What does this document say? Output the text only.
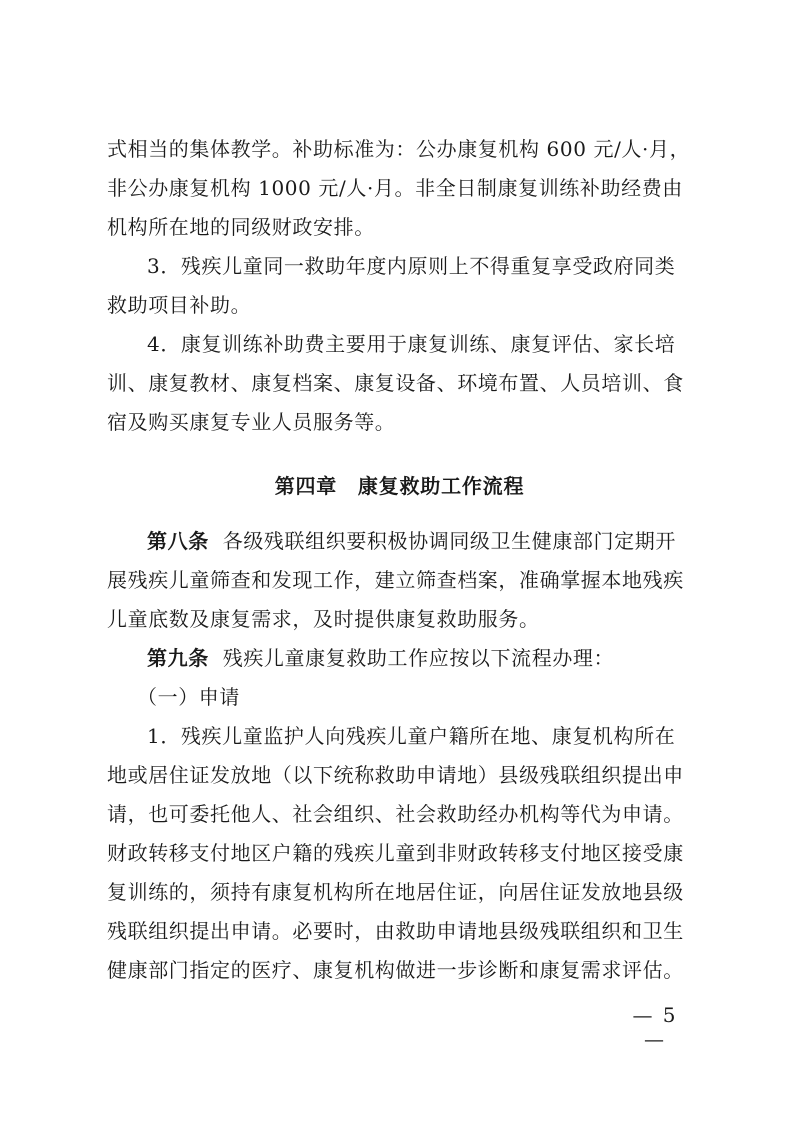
式相当的集体教学。补助标准为：公办康复机构 600 元/人·月，
非公办康复机构 1000 元/人·月。非全日制康复训练补助经费由
机构所在地的同级财政安排。
3．残疾儿童同一救助年度内原则上不得重复享受政府同类
救助项目补助。
4．康复训练补助费主要用于康复训练、康复评估、家长培
训、康复教材、康复档案、康复设备、环境布置、人员培训、食
宿及购买康复专业人员服务等。
第四章　康复救助工作流程
第八条 各级残联组织要积极协调同级卫生健康部门定期开
展残疾儿童筛查和发现工作，建立筛查档案，准确掌握本地残疾
儿童底数及康复需求，及时提供康复救助服务。
第九条 残疾儿童康复救助工作应按以下流程办理：
（一）申请
1．残疾儿童监护人向残疾儿童户籍所在地、康复机构所在
地或居住证发放地（以下统称救助申请地）县级残联组织提出申
请，也可委托他人、社会组织、社会救助经办机构等代为申请。
财政转移支付地区户籍的残疾儿童到非财政转移支付地区接受康
复训练的，须持有康复机构所在地居住证，向居住证发放地县级
残联组织提出申请。必要时，由救助申请地县级残联组织和卫生
健康部门指定的医疗、康复机构做进一步诊断和康复需求评估。
— 5 —
